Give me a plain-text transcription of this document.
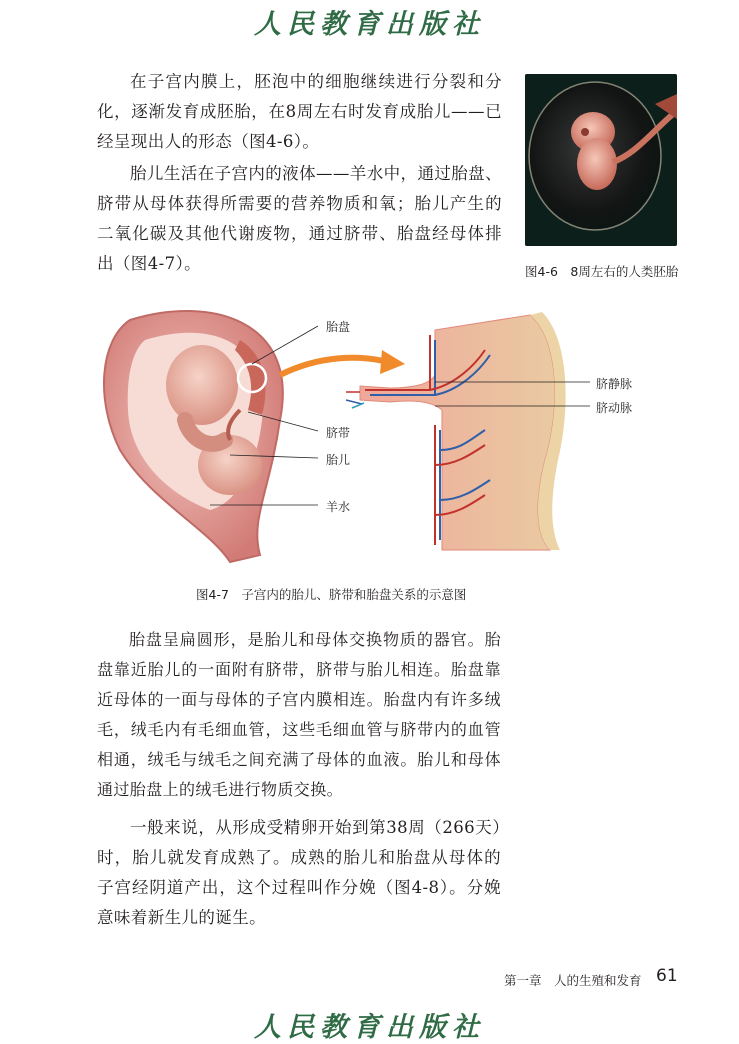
人民教育出版社

在子宫内膜上，胚泡中的细胞继续进行分裂和分化，逐渐发育成胚胎，在8周左右时发育成胎儿——已经呈现出人的形态（图4-6）。

胎儿生活在子宫内的液体——羊水中，通过胎盘、脐带从母体获得所需要的营养物质和氧；胎儿产生的二氧化碳及其他代谢废物，通过脐带、胎盘经母体排出（图4-7）。	图4-6　8周左右的人类胚胎
胎盘
脐带
胎儿
羊水
脐静脉
脐动脉
图4-7　子宫内的胎儿、脐带和胎盘关系的示意图

胎盘呈扁圆形，是胎儿和母体交换物质的器官。胎盘靠近胎儿的一面附有脐带，脐带与胎儿相连。胎盘靠近母体的一面与母体的子宫内膜相连。胎盘内有许多绒毛，绒毛内有毛细血管，这些毛细血管与脐带内的血管相通，绒毛与绒毛之间充满了母体的血液。胎儿和母体通过胎盘上的绒毛进行物质交换。

一般来说，从形成受精卵开始到第38周（266天）时，胎儿就发育成熟了。成熟的胎儿和胎盘从母体的子宫经阴道产出，这个过程叫作分娩（图4-8）。分娩意味着新生儿的诞生。

第一章　人的生殖和发育 61
人民教育出版社
